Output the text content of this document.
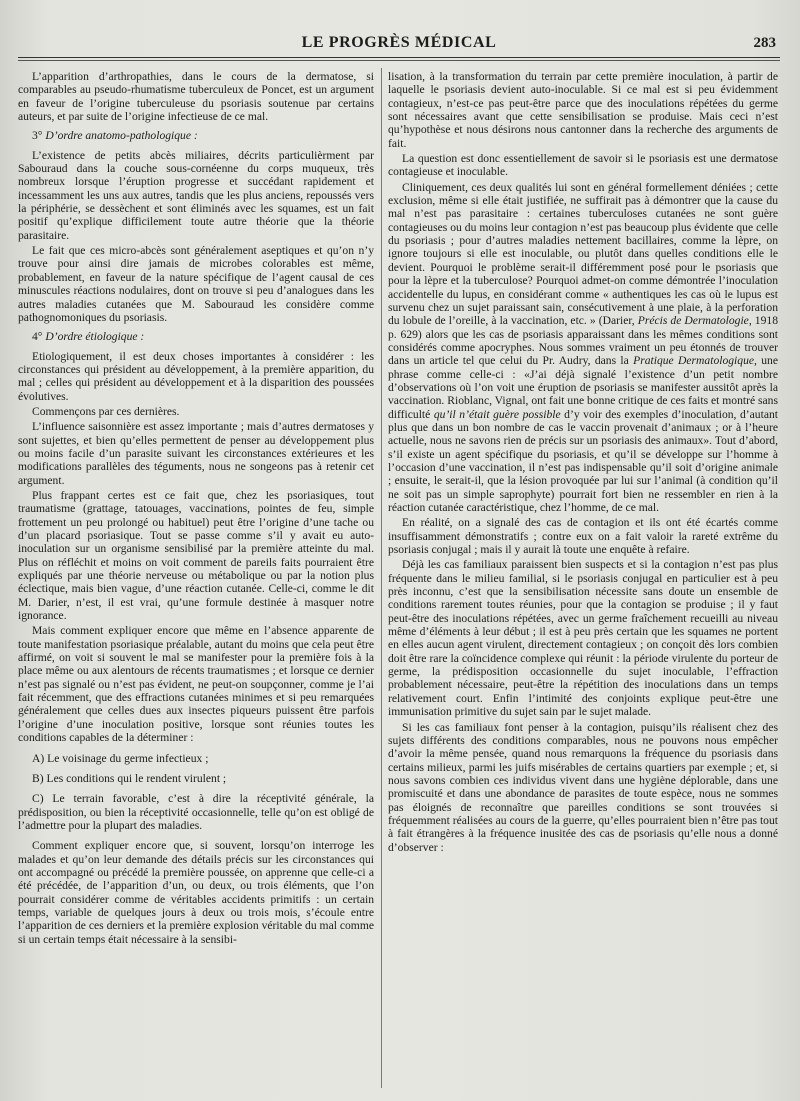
LE PROGRÈS MÉDICAL	283

L’apparition d’arthropathies, dans le cours de la dermatose, si comparables au pseudo-rhumatisme tuberculeux de Poncet, est un argument en faveur de l’origine tuberculeuse du psoriasis soutenue par certains auteurs, et par suite de l’origine infectieuse de ce mal.

3° D’ordre anatomo-pathologique :

L’existence de petits abcès miliaires, décrits particulièrment par Sabouraud dans la couche sous-cornéenne du corps muqueux, très nombreux lorsque l’éruption progresse et succédant rapidement et incessamment les uns aux autres, tandis que les plus anciens, repoussés vers la périphérie, se dessèchent et sont éliminés avec les squames, est un fait positif qu’explique difficilement toute autre théorie que la théorie parasitaire.

Le fait que ces micro-abcès sont généralement aseptiques et qu’on n’y trouve pour ainsi dire jamais de microbes colorables est même, probablement, en faveur de la nature spécifique de l’agent causal de ces minuscules réactions nodulaires, dont on trouve si peu d’analogues dans les autres maladies cutanées que M. Sabouraud les considère comme pathognomoniques du psoriasis.

4° D’ordre étiologique :

Etiologiquement, il est deux choses importantes à considérer : les circonstances qui président au développement, à la première apparition, du mal ; celles qui président au développement et à la disparition des poussées évolutives.

Commençons par ces dernières.

L’influence saisonnière est assez importante ; mais d’autres dermatoses y sont sujettes, et bien qu’elles permettent de penser au développement plus ou moins facile d’un parasite suivant les circonstances extérieures et les modifications parallèles des téguments, nous ne songeons pas à retenir cet argument.

Plus frappant certes est ce fait que, chez les psoriasiques, tout traumatisme (grattage, tatouages, vaccinations, pointes de feu, simple frottement un peu prolongé ou habituel) peut être l’origine d’une tache ou d’un placard psoriasique. Tout se passe comme s’il y avait eu auto-inoculation sur un organisme sensibilisé par la première atteinte du mal. Plus on réfléchit et moins on voit comment de pareils faits pourraient être expliqués par une théorie nerveuse ou métabolique ou par la notion plus éclectique, mais bien vague, d’une réaction cutanée. Celle-ci, comme le dit M. Darier, n’est, il est vrai, qu’une formule destinée à masquer notre ignorance.

Mais comment expliquer encore que même en l’absence apparente de toute manifestation psoriasique préalable, autant du moins que cela peut être affirmé, on voit si souvent le mal se manifester pour la première fois à la place même ou aux alentours de récents traumatismes ; et lorsque ce dernier n’est pas signalé ou n’est pas évident, ne peut-on soupçonner, comme je l’ai fait récemment, que des effractions cutanées minimes et si peu remarquées généralement que celles dues aux insectes piqueurs puissent être parfois l’origine d’une inoculation positive, lorsque sont réunies toutes les conditions capables de la déterminer :

A) Le voisinage du germe infectieux ;

B) Les conditions qui le rendent virulent ;

C) Le terrain favorable, c’est à dire la réceptivité générale, la prédisposition, ou bien la réceptivité occasionnelle, telle qu’on est obligé de l’admettre pour la plupart des maladies.

Comment expliquer encore que, si souvent, lorsqu’on interroge les malades et qu’on leur demande des détails précis sur les circonstances qui ont accompagné ou précédé la première poussée, on apprenne que celle-ci a été précédée, de l’apparition d’un, ou deux, ou trois éléments, que l’on pourrait considérer comme de véritables accidents primitifs : un certain temps, variable de quelques jours à deux ou trois mois, s’écoule entre l’apparition de ces derniers et la première explosion véritable du mal comme si un certain temps était nécessaire à la sensibi-

lisation, à la transformation du terrain par cette première inoculation, à partir de laquelle le psoriasis devient auto-inoculable. Si ce mal est si peu évidemment contagieux, n’est-ce pas peut-être parce que des inoculations répétées du germe sont nécessaires avant que cette sensibilisation se produise. Mais ceci n’est qu’hypothèse et nous désirons nous cantonner dans la recherche des arguments de fait.

La question est donc essentiellement de savoir si le psoriasis est une dermatose contagieuse et inoculable.

Cliniquement, ces deux qualités lui sont en général formellement déniées ; cette exclusion, même si elle était justifiée, ne suffirait pas à démontrer que la cause du mal n’est pas parasitaire : certaines tuberculoses cutanées ne sont guère contagieuses ou du moins leur contagion n’est pas beaucoup plus évidente que celle du psoriasis ; pour d’autres maladies nettement bacillaires, comme la lèpre, on ignore toujours si elle est inoculable, ou plutôt dans quelles conditions elle le devient. Pourquoi le problème serait-il différemment posé pour le psoriasis que pour la lèpre et la tuberculose? Pourquoi admet-on comme démontrée l’inoculation accidentelle du lupus, en considérant comme « authentiques les cas où le lupus est survenu chez un sujet paraissant sain, consécutivement à une plaie, à la perforation du lobule de l’oreille, à la vaccination, etc. » (Darier, Précis de Dermatologie, 1918 p. 629) alors que les cas de psoriasis apparaissant dans les mêmes conditions sont considérés comme apocryphes. Nous sommes vraiment un peu étonnés de trouver dans un article tel que celui du Pr. Audry, dans la Pratique Dermatologique, une phrase comme celle-ci : «J’ai déjà signalé l’existence d’un petit nombre d’observations où l’on voit une éruption de psoriasis se manifester aussitôt après la vaccination. Rioblanc, Vignal, ont fait une bonne critique de ces faits et montré sans difficulté qu’il n’était guère possible d’y voir des exemples d’inoculation, d’autant plus que dans un bon nombre de cas le vaccin provenait d’animaux ; or à l’heure actuelle, nous ne savons rien de précis sur un psoriasis des animaux». Tout d’abord, s’il existe un agent spécifique du psoriasis, et qu’il se développe sur l’homme à l’occasion d’une vaccination, il n’est pas indispensable qu’il soit d’origine animale ; ensuite, le serait-il, que la lésion provoquée par lui sur l’animal (à condition qu’il ne soit pas un simple saprophyte) pourrait fort bien ne ressembler en rien à la réaction cutanée caractéristique, chez l’homme, de ce mal.

En réalité, on a signalé des cas de contagion et ils ont été écartés comme insuffisamment démonstratifs ; contre eux on a fait valoir la rareté extrême du psoriasis conjugal ; mais il y aurait là toute une enquête à refaire.

Déjà les cas familiaux paraissent bien suspects et si la contagion n’est pas plus fréquente dans le milieu familial, si le psoriasis conjugal en particulier est à peu près inconnu, c’est que la sensibilisation nécessite sans doute un ensemble de conditions rarement toutes réunies, pour que la contagion se produise ; il y faut peut-être des inoculations répétées, avec un germe fraîchement recueilli au niveau même d’éléments à leur début ; il est à peu près certain que les squames ne portent en elles aucun agent virulent, directement contagieux ; on conçoit dès lors combien doit être rare la coïncidence complexe qui réunit : la période virulente du porteur de germe, la prédisposition occasionnelle du sujet inoculable, l’effraction probablement nécessaire, peut-être la répétition des inoculations dans un temps relativement court. Enfin l’intimité des conjoints explique peut-être une immunisation primitive du sujet sain par le sujet malade.

Si les cas familiaux font penser à la contagion, puisqu’ils réalisent chez des sujets différents des conditions comparables, nous ne pouvons nous empêcher d’avoir la même pensée, quand nous remarquons la fréquence du psoriasis dans certains milieux, parmi les juifs misérables de certains quartiers par exemple ; et, si nous savons combien ces individus vivent dans une hygiène déplorable, dans une promiscuité et dans une abondance de parasites de toute espèce, nous ne sommes pas éloignés de reconnaître que pareilles conditions se sont trouvées si fréquemment réalisées au cours de la guerre, qu’elles pourraient bien n’être pas tout à fait étrangères à la fréquence inusitée des cas de psoriasis qu’elle nous a donné d’observer :
